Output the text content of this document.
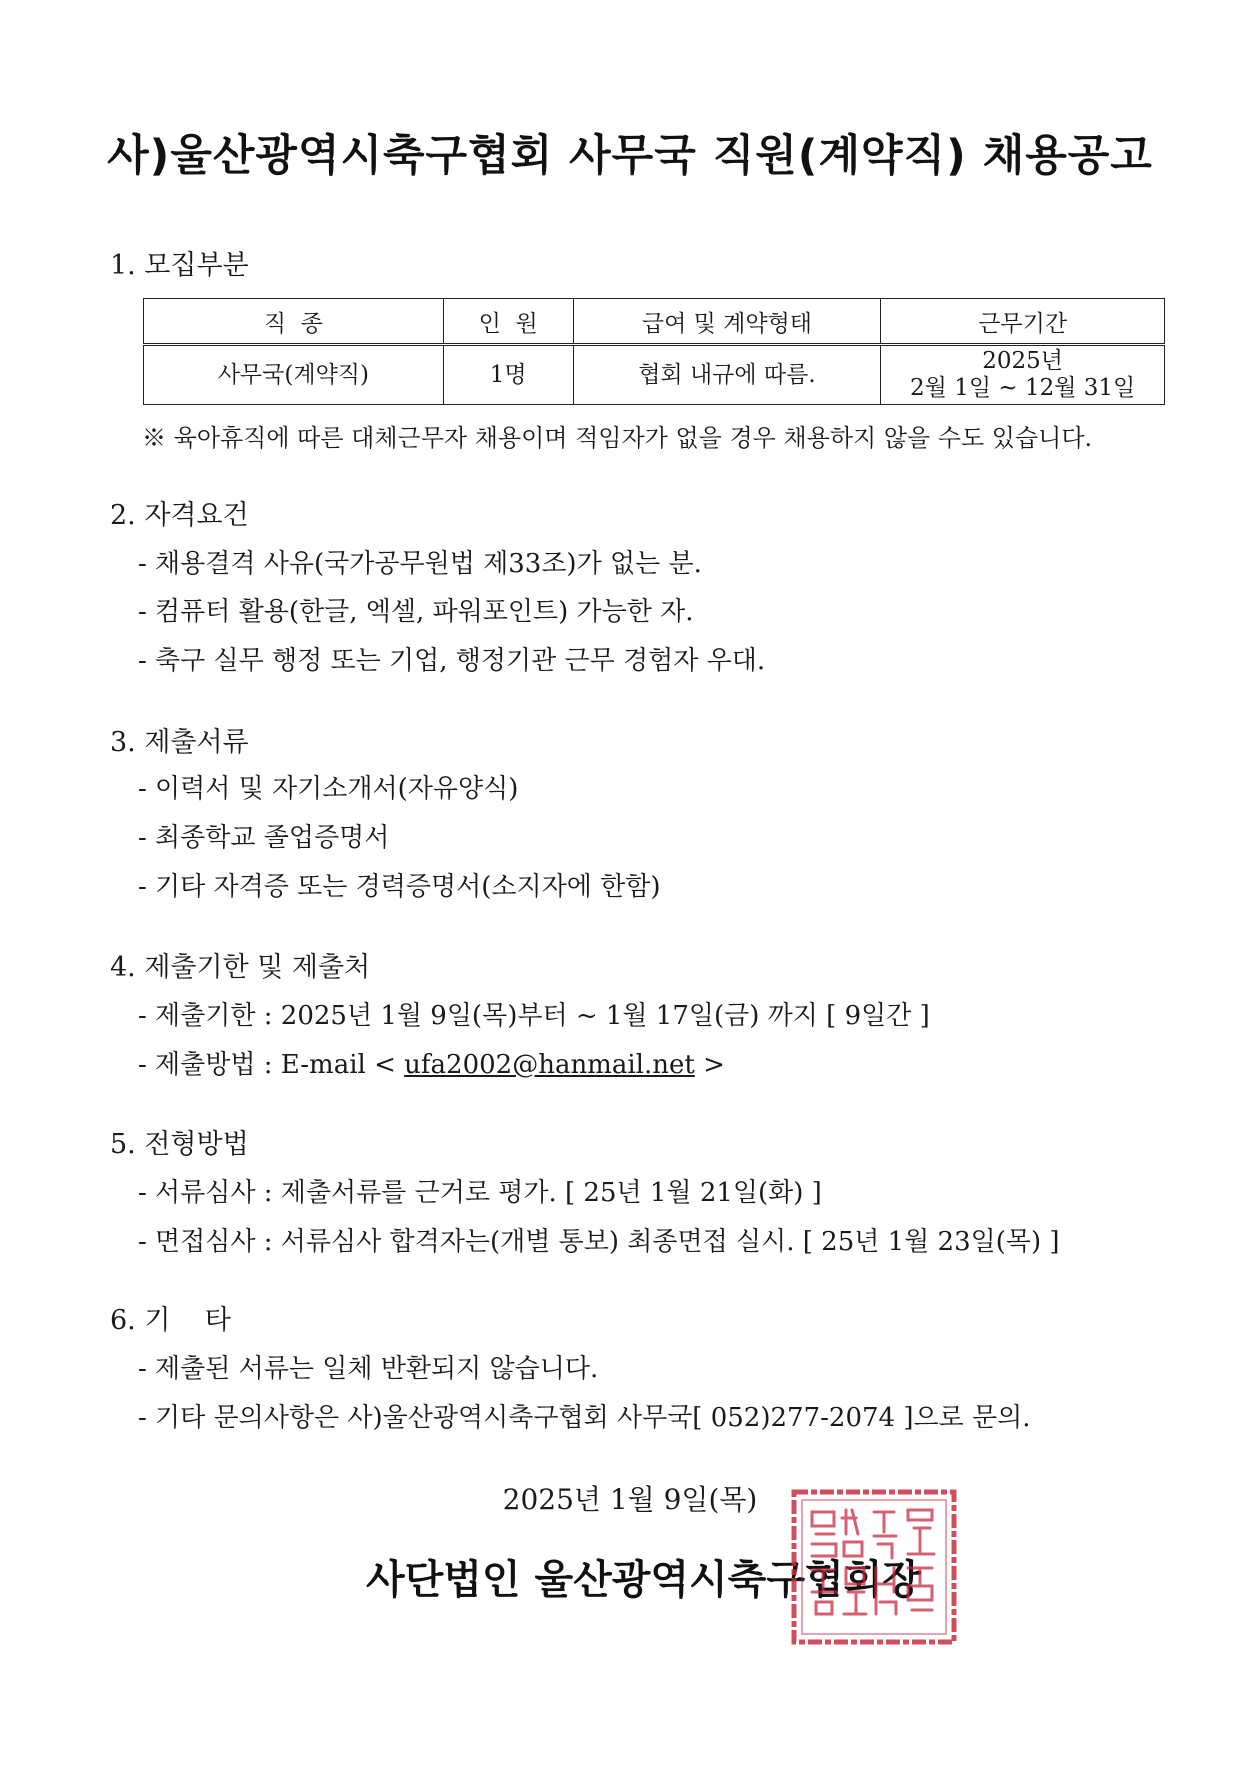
사)울산광역시축구협회 사무국 직원(계약직) 채용공고
1. 모집부분
직  종	인  원	급여 및 계약형태	근무기간
사무국(계약직)	1명	협회 내규에 따름.	2025년
2월 1일 ~ 12월 31일
※ 육아휴직에 따른 대체근무자 채용이며 적임자가 없을 경우 채용하지 않을 수도 있습니다.
2. 자격요건
- 채용결격 사유(국가공무원법 제33조)가 없는 분.
- 컴퓨터 활용(한글, 엑셀, 파워포인트) 가능한 자.
- 축구 실무 행정 또는 기업, 행정기관 근무 경험자 우대.
3. 제출서류
- 이력서 및 자기소개서(자유양식)
- 최종학교 졸업증명서
- 기타 자격증 또는 경력증명서(소지자에 한함)
4. 제출기한 및 제출처
- 제출기한 : 2025년 1월 9일(목)부터 ~ 1월 17일(금) 까지 [ 9일간 ]
- 제출방법 : E-mail < ufa2002@hanmail.net >
5. 전형방법
- 서류심사 : 제출서류를 근거로 평가. [ 25년 1월 21일(화) ]
- 면접심사 : 서류심사 합격자는(개별 통보) 최종면접 실시. [ 25년 1월 23일(목) ]
6. 기    타
- 제출된 서류는 일체 반환되지 않습니다.
- 기타 문의사항은 사)울산광역시축구협회 사무국[ 052)277-2074 ]으로 문의.
2025년 1월 9일(목)
사단법인 울산광역시축구협회장
